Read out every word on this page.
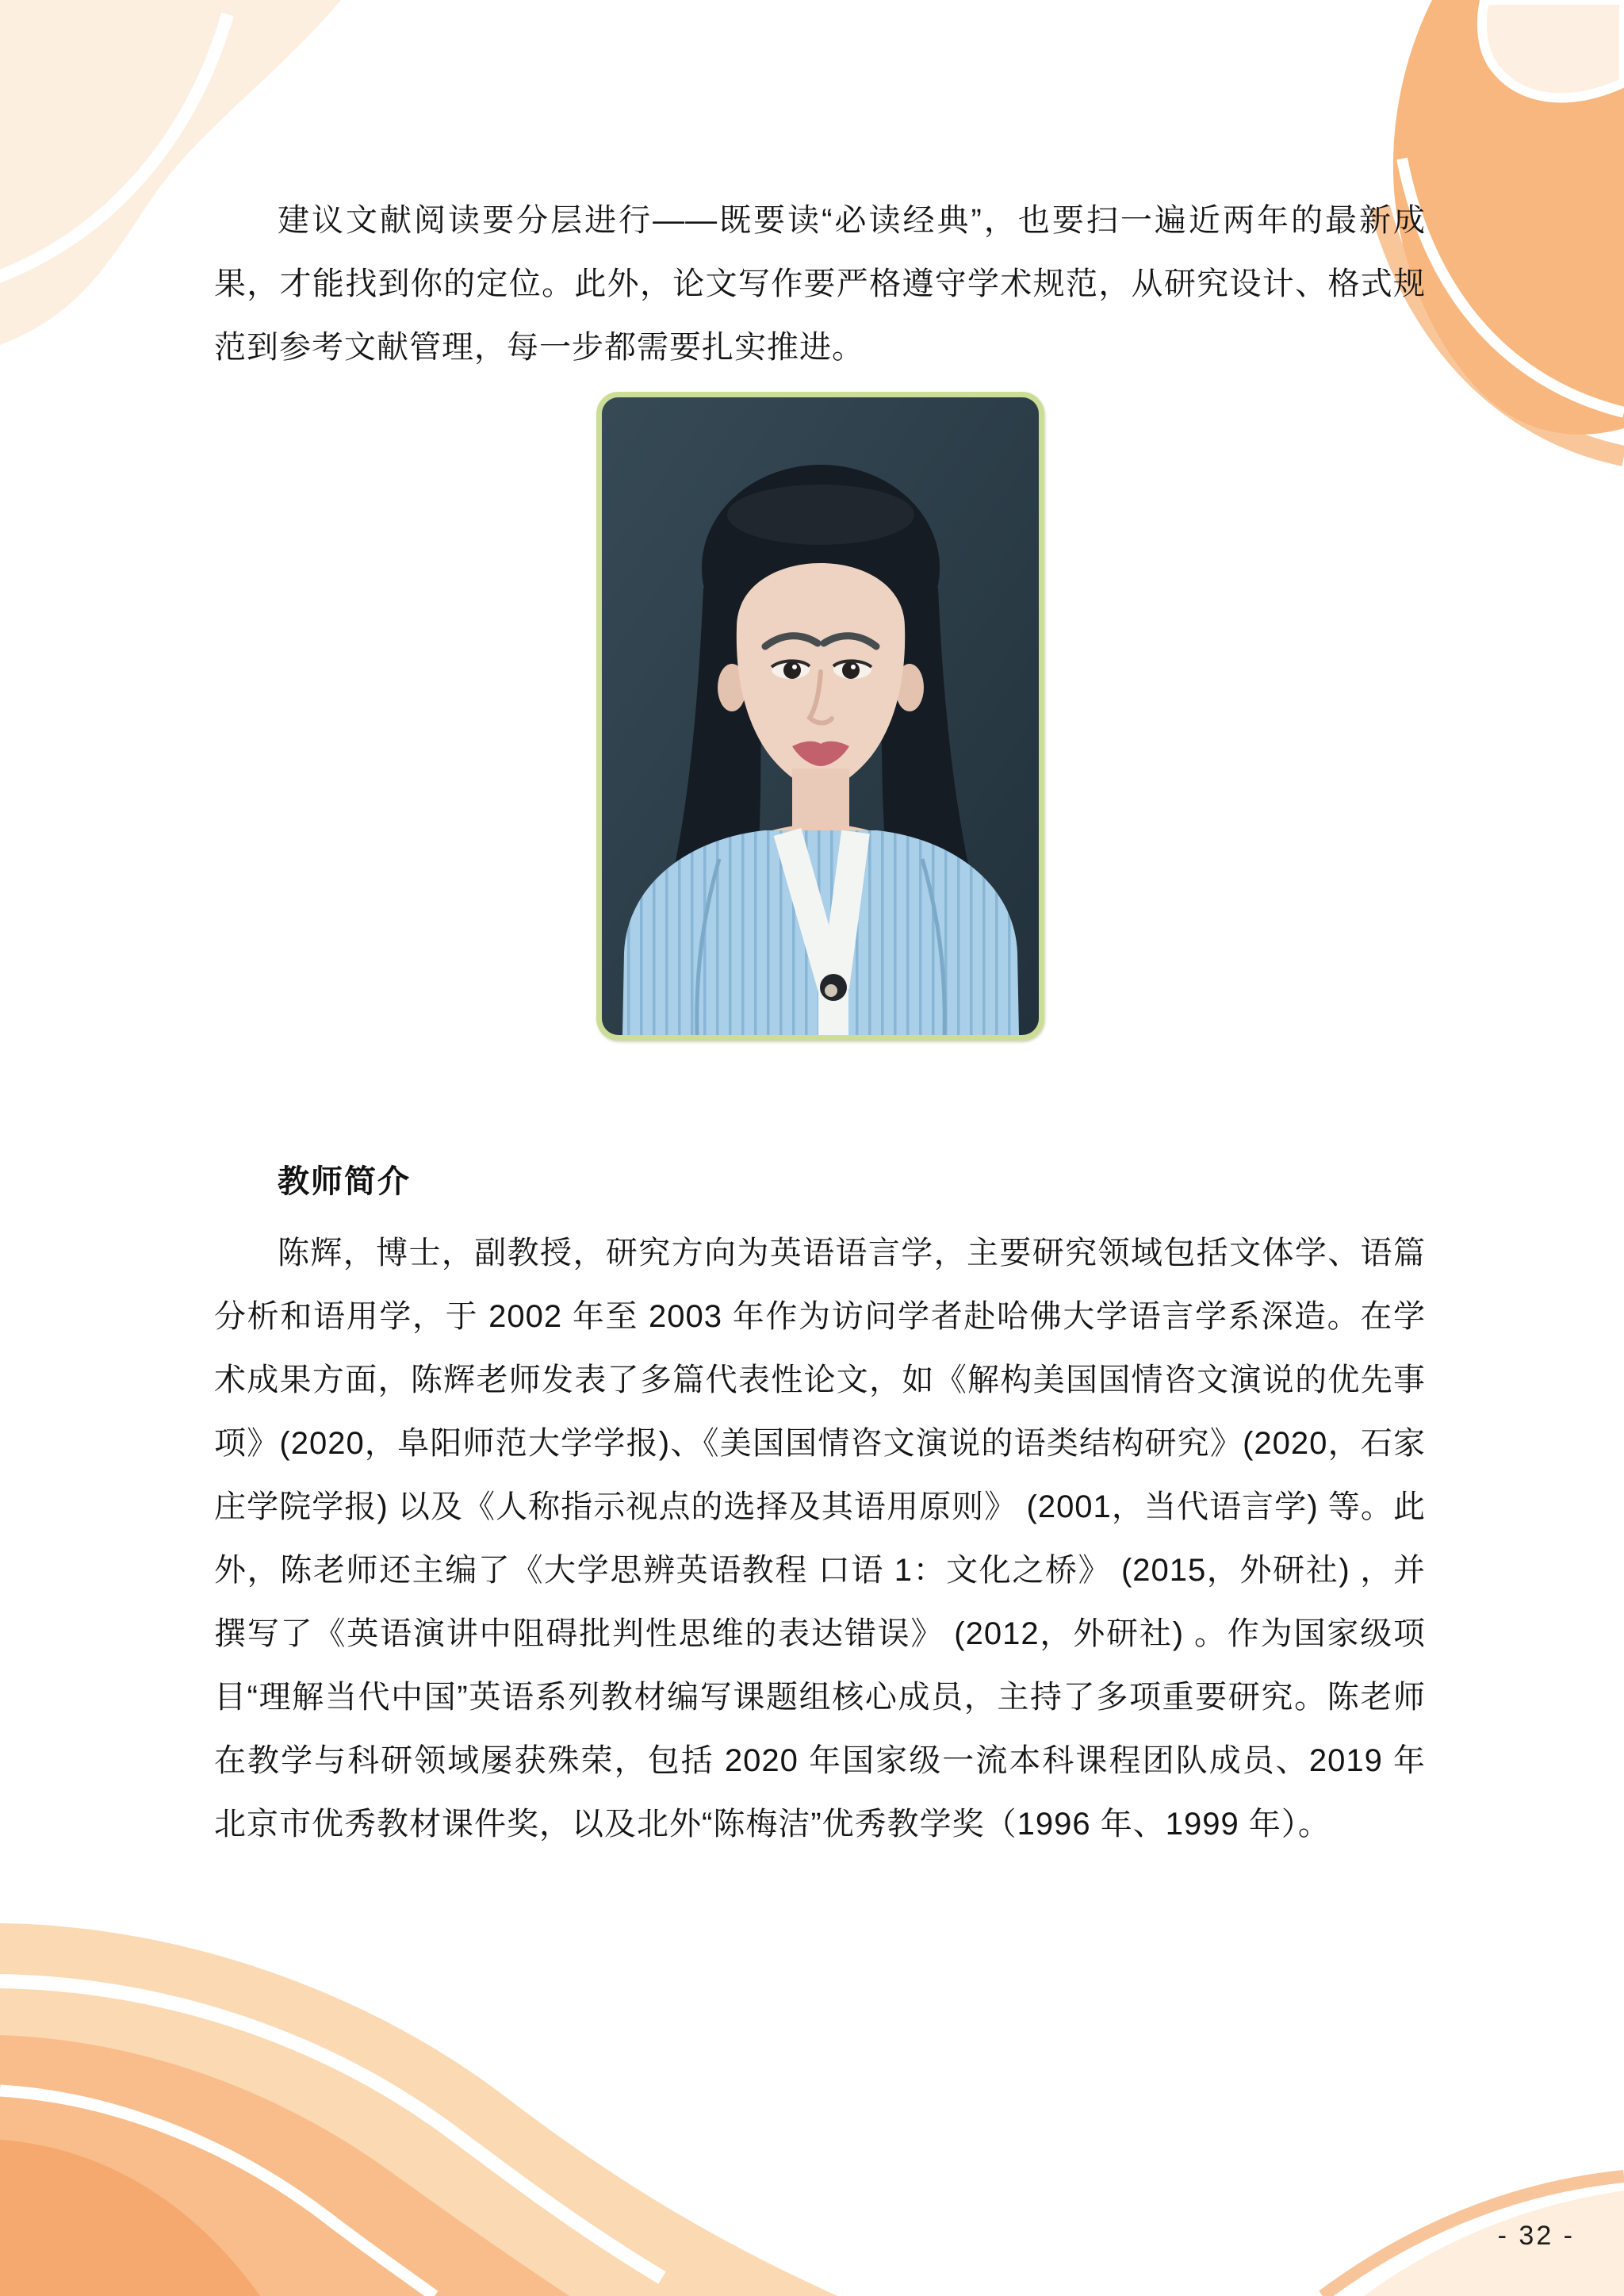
建议文献阅读要分层进行——既要读“必读经典”，也要扫一遍近两年的最新成果，才能找到你的定位。此外，论文写作要严格遵守学术规范，从研究设计、格式规范到参考文献管理，每一步都需要扎实推进。

教师简介

陈辉，博士，副教授，研究方向为英语语言学，主要研究领域包括文体学、语篇分析和语用学，于 2002 年至 2003 年作为访问学者赴哈佛大学语言学系深造。在学术成果方面，陈辉老师发表了多篇代表性论文，如《解构美国国情咨文演说的优先事项》(2020，阜阳师范大学学报)、《美国国情咨文演说的语类结构研究》(2020，石家庄学院学报) 以及《人称指示视点的选择及其语用原则》 (2001，当代语言学) 等。此外，陈老师还主编了《大学思辨英语教程 口语 1：文化之桥》 (2015，外研社) ，并撰写了《英语演讲中阻碍批判性思维的表达错误》 (2012，外研社) 。作为国家级项目“理解当代中国”英语系列教材编写课题组核心成员，主持了多项重要研究。陈老师在教学与科研领域屡获殊荣，包括 2020 年国家级一流本科课程团队成员、2019 年北京市优秀教材课件奖，以及北外“陈梅洁”优秀教学奖（1996 年、1999 年）。

- 32 -
